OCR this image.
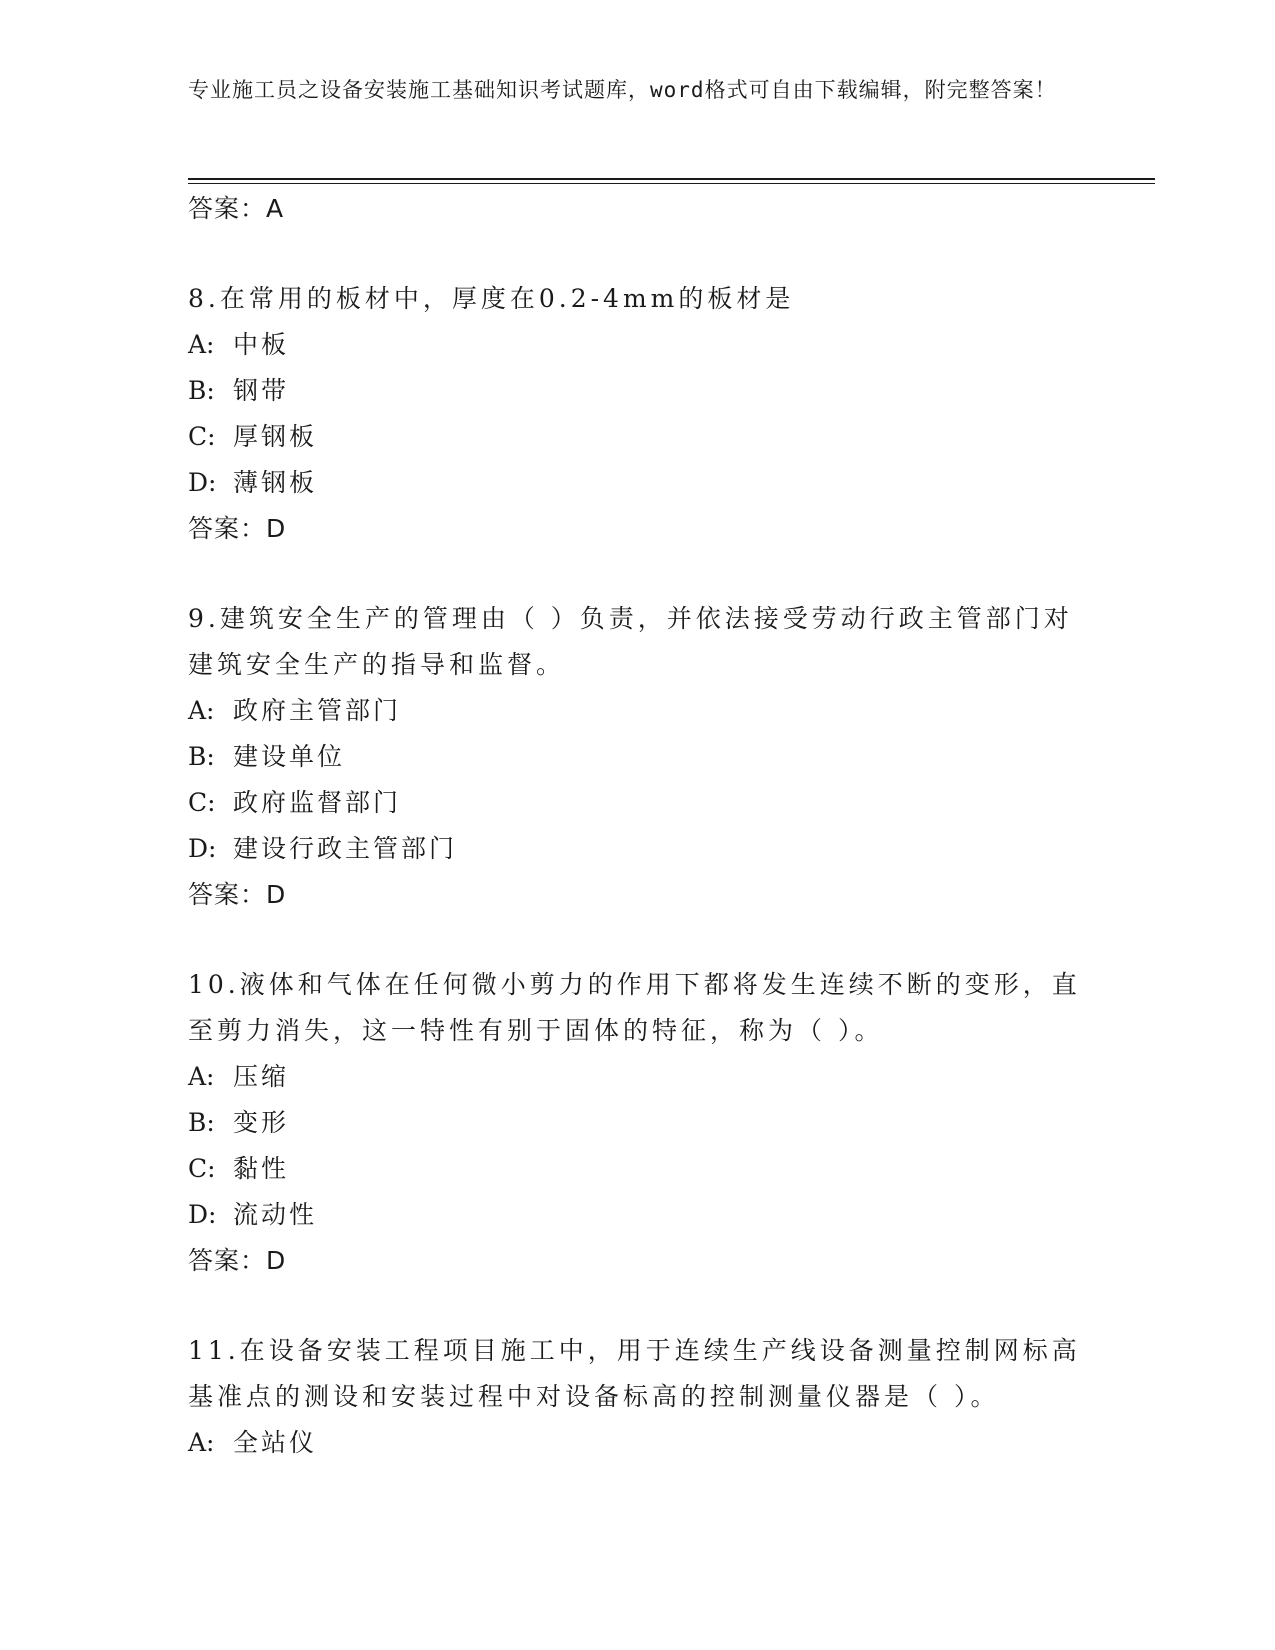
专业施工员之设备安装施工基础知识考试题库，word格式可自由下载编辑，附完整答案！

答案：A

8.在常用的板材中，厚度在0.2-4mm的板材是

A: 中板

B: 钢带

C: 厚钢板

D: 薄钢板

答案：D

9.建筑安全生产的管理由（ ）负责，并依法接受劳动行政主管部门对建筑安全生产的指导和监督。

A: 政府主管部门

B: 建设单位

C: 政府监督部门

D: 建设行政主管部门

答案：D

10.液体和气体在任何微小剪力的作用下都将发生连续不断的变形，直至剪力消失，这一特性有别于固体的特征，称为（ ）。

A: 压缩

B: 变形

C: 黏性

D: 流动性

答案：D

11.在设备安装工程项目施工中，用于连续生产线设备测量控制网标高基准点的测设和安装过程中对设备标高的控制测量仪器是（ ）。

A: 全站仪
